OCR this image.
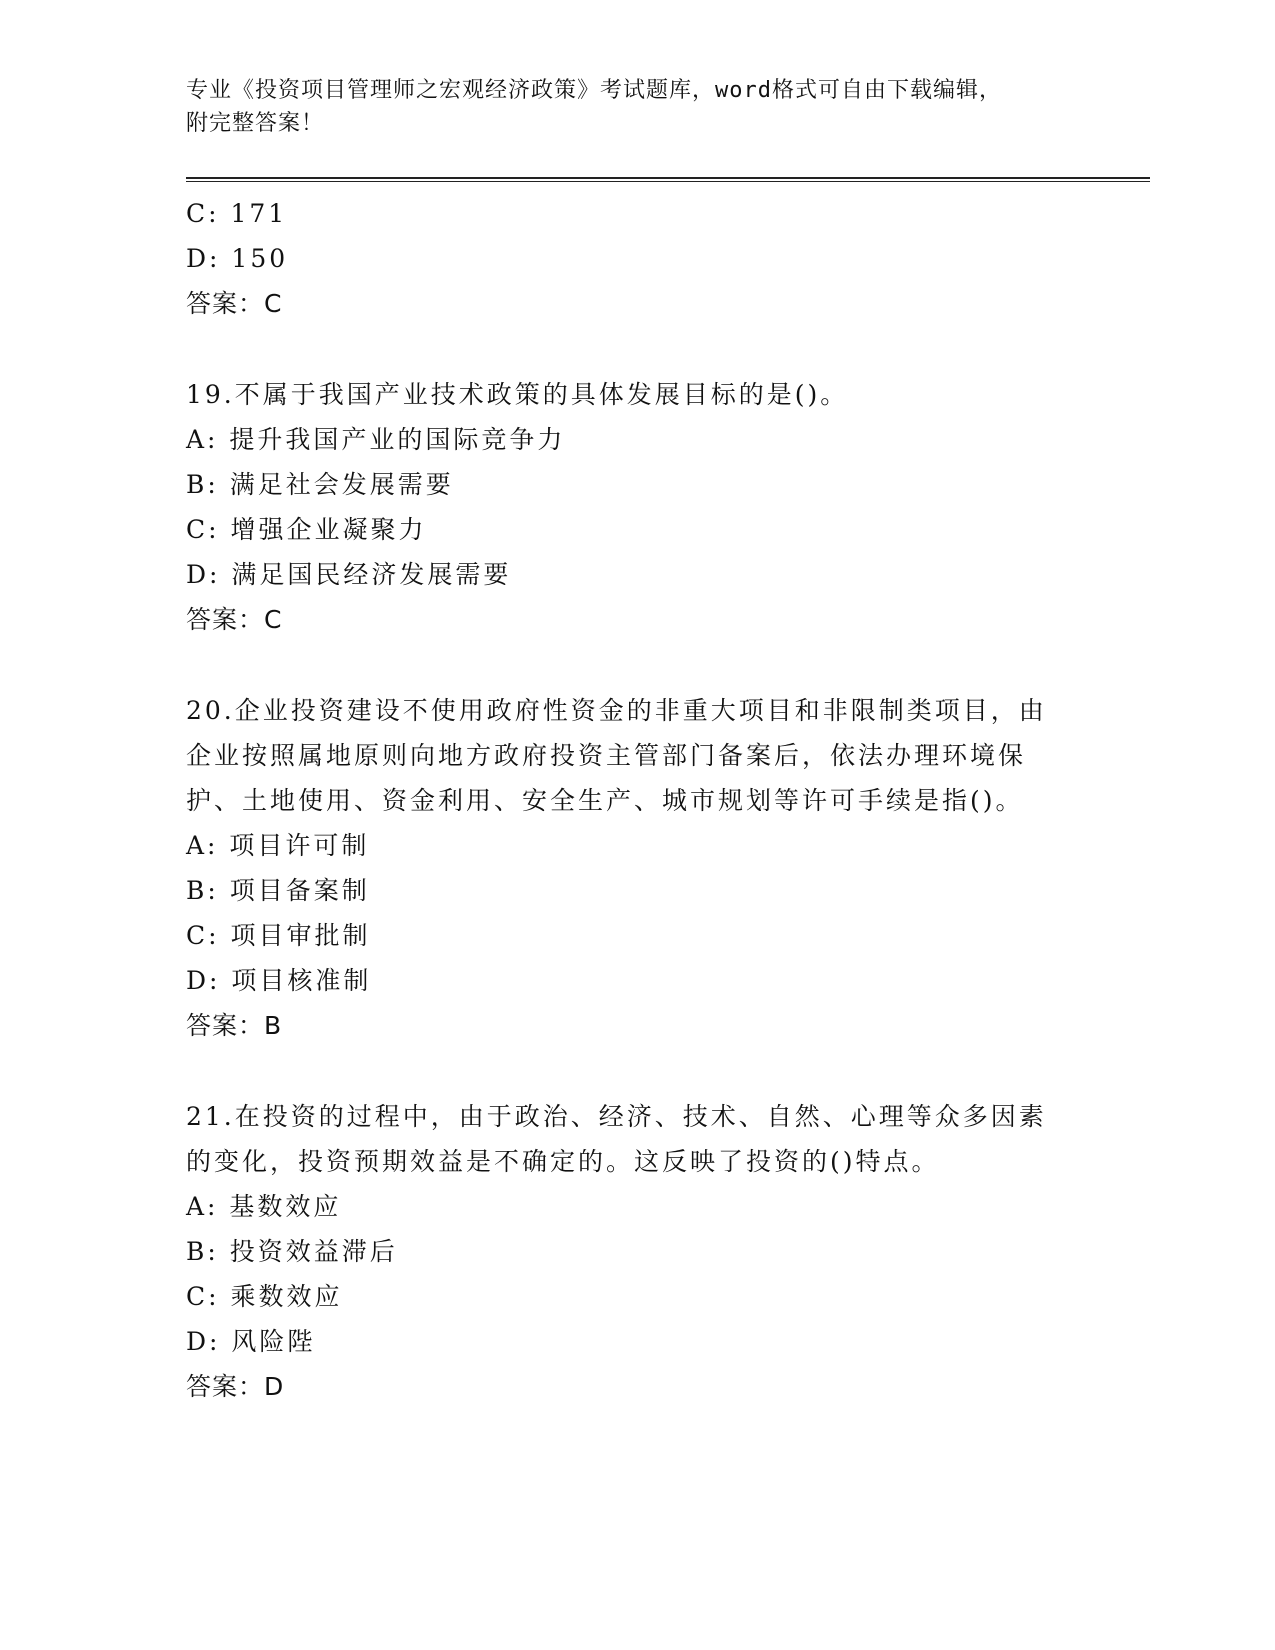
专业《投资项目管理师之宏观经济政策》考试题库，word格式可自由下载编辑，
附完整答案！
C: 171
D: 150
答案：C
19.不属于我国产业技术政策的具体发展目标的是()。
A: 提升我国产业的国际竞争力
B: 满足社会发展需要
C: 增强企业凝聚力
D: 满足国民经济发展需要
答案：C
20.企业投资建设不使用政府性资金的非重大项目和非限制类项目，由
企业按照属地原则向地方政府投资主管部门备案后，依法办理环境保
护、土地使用、资金利用、安全生产、城市规划等许可手续是指()。
A: 项目许可制
B: 项目备案制
C: 项目审批制
D: 项目核准制
答案：B
21.在投资的过程中，由于政治、经济、技术、自然、心理等众多因素
的变化，投资预期效益是不确定的。这反映了投资的()特点。
A: 基数效应
B: 投资效益滞后
C: 乘数效应
D: 风险陛
答案：D
